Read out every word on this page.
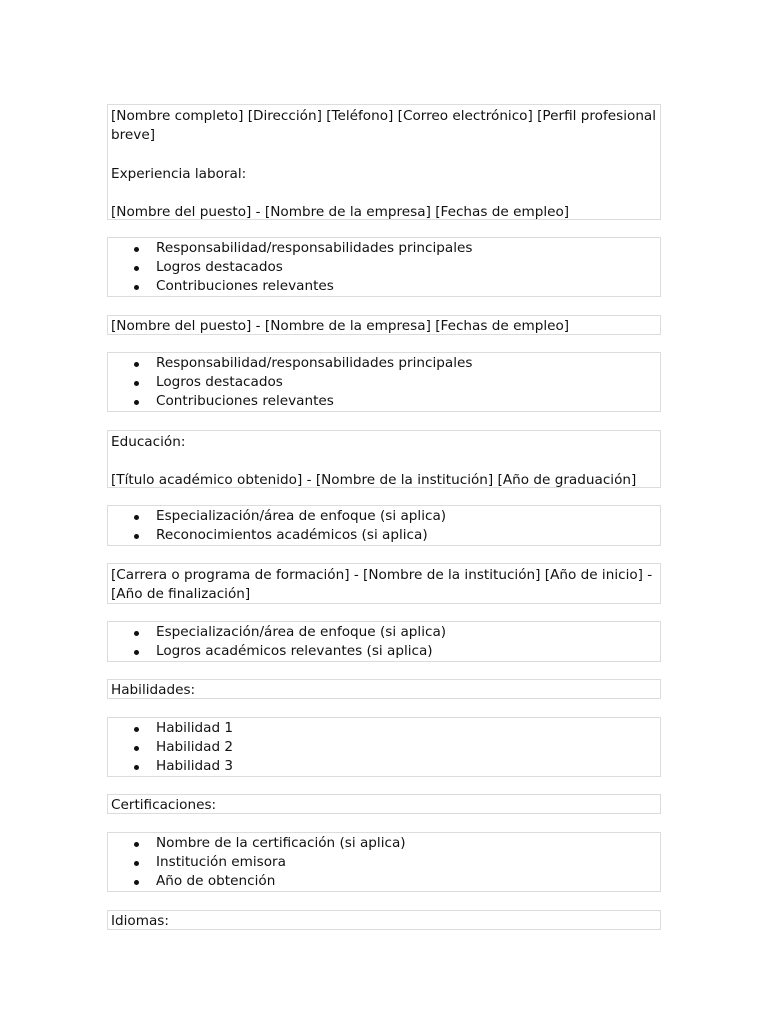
[Nombre completo] [Dirección] [Teléfono] [Correo electrónico] [Perfil profesional breve]

Experiencia laboral:

[Nombre del puesto] - [Nombre de la empresa] [Fechas de empleo]

Responsabilidad/responsabilidades principales
Logros destacados
Contribuciones relevantes

[Nombre del puesto] - [Nombre de la empresa] [Fechas de empleo]

Responsabilidad/responsabilidades principales
Logros destacados
Contribuciones relevantes

Educación:

[Título académico obtenido] - [Nombre de la institución] [Año de graduación]

Especialización/área de enfoque (si aplica)
Reconocimientos académicos (si aplica)

[Carrera o programa de formación] - [Nombre de la institución] [Año de inicio] - [Año de finalización]

Especialización/área de enfoque (si aplica)
Logros académicos relevantes (si aplica)

Habilidades:

Habilidad 1
Habilidad 2
Habilidad 3

Certificaciones:

Nombre de la certificación (si aplica)
Institución emisora
Año de obtención

Idiomas:
